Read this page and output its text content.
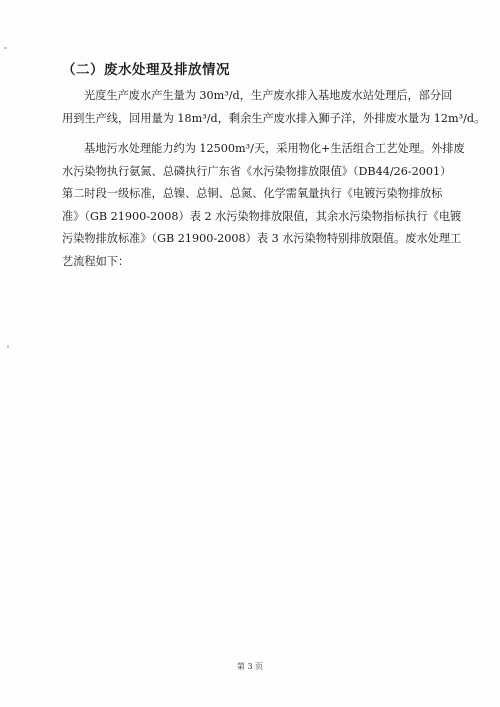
（二）废水处理及排放情况

光度生产废水产生量为 30m³/d，生产废水排入基地废水站处理后，部分回
用到生产线，回用量为 18m³/d，剩余生产废水排入狮子洋，外排废水量为 12m³/d。

基地污水处理能力约为 12500m³/天，采用物化+生活组合工艺处理。外排废
水污染物执行氨氮、总磷执行广东省《水污染物排放限值》（DB44/26-2001）
第二时段一级标准，总镍、总铜、总氮、化学需氧量执行《电镀污染物排放标
准》（GB 21900-2008）表 2 水污染物排放限值，其余水污染物指标执行《电镀
污染物排放标准》（GB 21900-2008）表 3 水污染物特别排放限值。废水处理工
艺流程如下：

第 3 页
